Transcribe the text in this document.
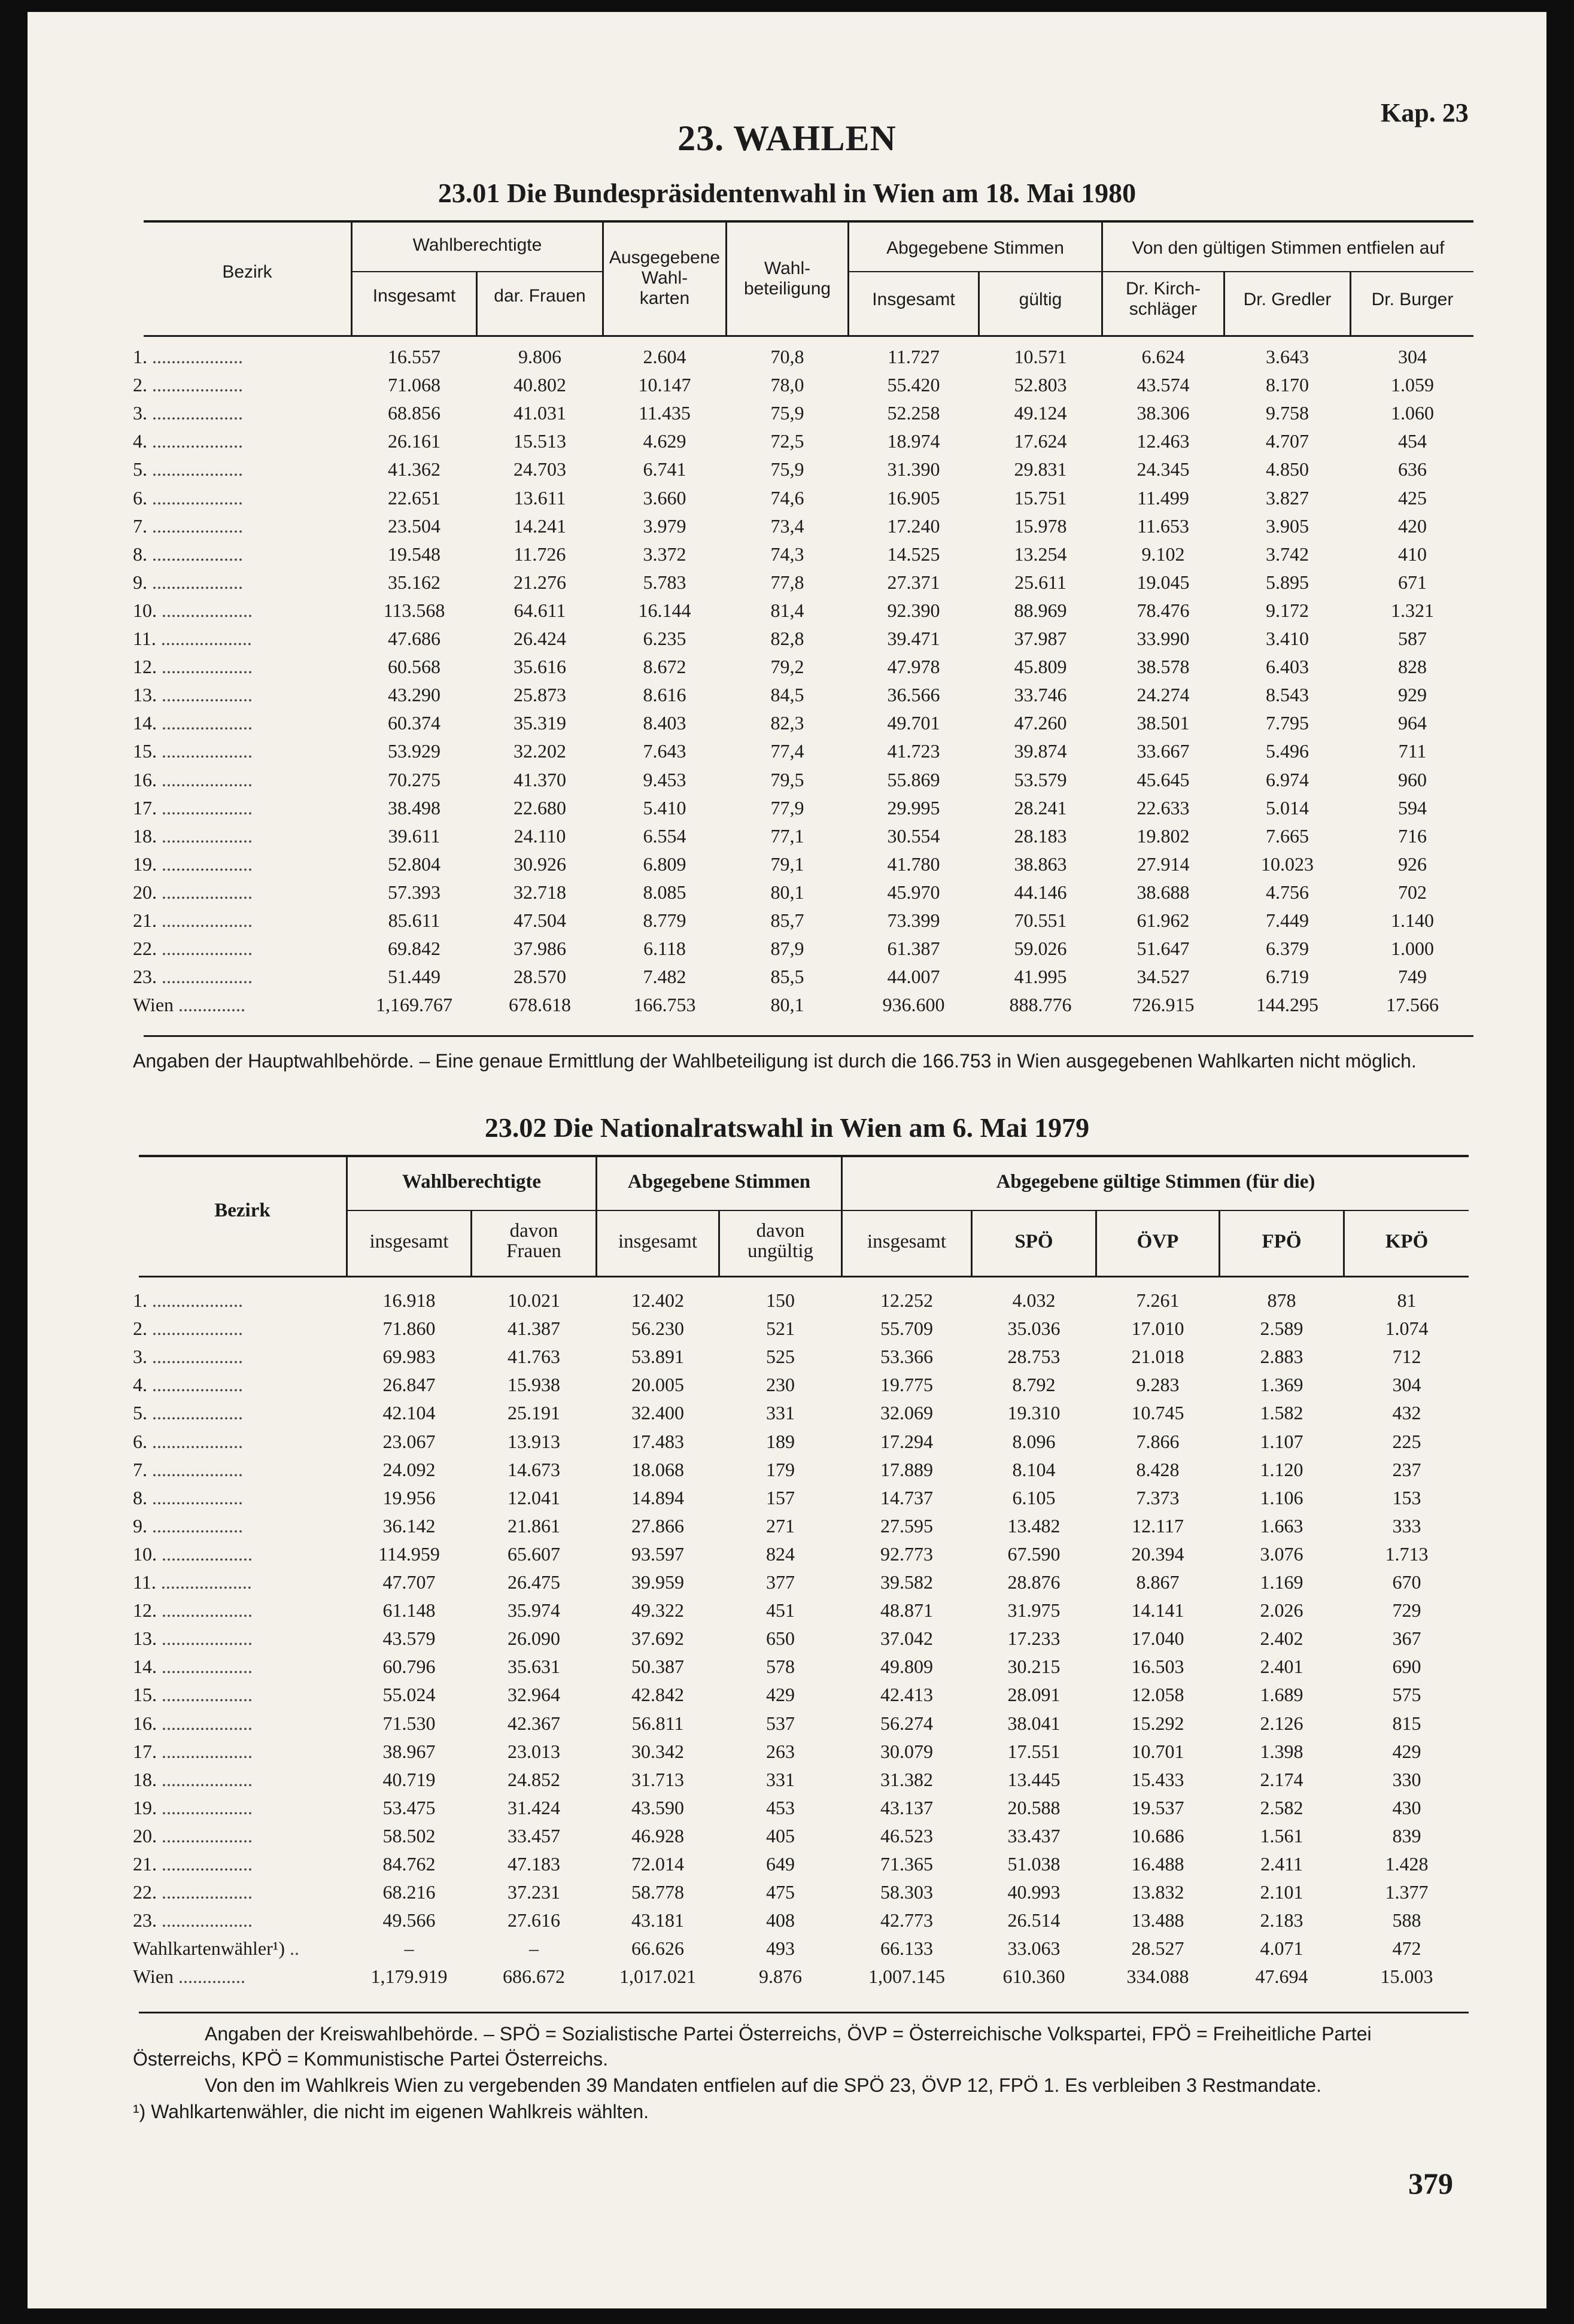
Kap. 23
23. WAHLEN
23.01 Die Bundespräsidentenwahl in Wien am 18. Mai 1980
Bezirk
Wahlberechtigte
Insgesamt	dar. Frauen
Ausgegebene
Wahl-
karten
Wahl-
beteiligung
Abgegebene Stimmen
Insgesamt	gültig
Von den gültigen Stimmen entfielen auf
Dr. Kirch-
schläger	Dr. Gredler	Dr. Burger
1. ...................	16.557	9.806	2.604	70,8	11.727	10.571	6.624	3.643	304
2. ...................	71.068	40.802	10.147	78,0	55.420	52.803	43.574	8.170	1.059
3. ...................	68.856	41.031	11.435	75,9	52.258	49.124	38.306	9.758	1.060
4. ...................	26.161	15.513	4.629	72,5	18.974	17.624	12.463	4.707	454
5. ...................	41.362	24.703	6.741	75,9	31.390	29.831	24.345	4.850	636
6. ...................	22.651	13.611	3.660	74,6	16.905	15.751	11.499	3.827	425
7. ...................	23.504	14.241	3.979	73,4	17.240	15.978	11.653	3.905	420
8. ...................	19.548	11.726	3.372	74,3	14.525	13.254	9.102	3.742	410
9. ...................	35.162	21.276	5.783	77,8	27.371	25.611	19.045	5.895	671
10. ...................	113.568	64.611	16.144	81,4	92.390	88.969	78.476	9.172	1.321
11. ...................	47.686	26.424	6.235	82,8	39.471	37.987	33.990	3.410	587
12. ...................	60.568	35.616	8.672	79,2	47.978	45.809	38.578	6.403	828
13. ...................	43.290	25.873	8.616	84,5	36.566	33.746	24.274	8.543	929
14. ...................	60.374	35.319	8.403	82,3	49.701	47.260	38.501	7.795	964
15. ...................	53.929	32.202	7.643	77,4	41.723	39.874	33.667	5.496	711
16. ...................	70.275	41.370	9.453	79,5	55.869	53.579	45.645	6.974	960
17. ...................	38.498	22.680	5.410	77,9	29.995	28.241	22.633	5.014	594
18. ...................	39.611	24.110	6.554	77,1	30.554	28.183	19.802	7.665	716
19. ...................	52.804	30.926	6.809	79,1	41.780	38.863	27.914	10.023	926
20. ...................	57.393	32.718	8.085	80,1	45.970	44.146	38.688	4.756	702
21. ...................	85.611	47.504	8.779	85,7	73.399	70.551	61.962	7.449	1.140
22. ...................	69.842	37.986	6.118	87,9	61.387	59.026	51.647	6.379	1.000
23. ...................	51.449	28.570	7.482	85,5	44.007	41.995	34.527	6.719	749
Wien ..............	1,169.767	678.618	166.753	80,1	936.600	888.776	726.915	144.295	17.566
Angaben der Hauptwahlbehörde. – Eine genaue Ermittlung der Wahlbeteiligung ist durch die 166.753 in Wien ausgegebenen Wahlkarten nicht möglich.
23.02 Die Nationalratswahl in Wien am 6. Mai 1979
Bezirk
Wahlberechtigte
insgesamt	davon
Frauen
Abgegebene Stimmen
insgesamt	davon
ungültig
Abgegebene gültige Stimmen (für die)
insgesamt	SPÖ	ÖVP	FPÖ	KPÖ
1. ...................	16.918	10.021	12.402	150	12.252	4.032	7.261	878	81
2. ...................	71.860	41.387	56.230	521	55.709	35.036	17.010	2.589	1.074
3. ...................	69.983	41.763	53.891	525	53.366	28.753	21.018	2.883	712
4. ...................	26.847	15.938	20.005	230	19.775	8.792	9.283	1.369	304
5. ...................	42.104	25.191	32.400	331	32.069	19.310	10.745	1.582	432
6. ...................	23.067	13.913	17.483	189	17.294	8.096	7.866	1.107	225
7. ...................	24.092	14.673	18.068	179	17.889	8.104	8.428	1.120	237
8. ...................	19.956	12.041	14.894	157	14.737	6.105	7.373	1.106	153
9. ...................	36.142	21.861	27.866	271	27.595	13.482	12.117	1.663	333
10. ...................	114.959	65.607	93.597	824	92.773	67.590	20.394	3.076	1.713
11. ...................	47.707	26.475	39.959	377	39.582	28.876	8.867	1.169	670
12. ...................	61.148	35.974	49.322	451	48.871	31.975	14.141	2.026	729
13. ...................	43.579	26.090	37.692	650	37.042	17.233	17.040	2.402	367
14. ...................	60.796	35.631	50.387	578	49.809	30.215	16.503	2.401	690
15. ...................	55.024	32.964	42.842	429	42.413	28.091	12.058	1.689	575
16. ...................	71.530	42.367	56.811	537	56.274	38.041	15.292	2.126	815
17. ...................	38.967	23.013	30.342	263	30.079	17.551	10.701	1.398	429
18. ...................	40.719	24.852	31.713	331	31.382	13.445	15.433	2.174	330
19. ...................	53.475	31.424	43.590	453	43.137	20.588	19.537	2.582	430
20. ...................	58.502	33.457	46.928	405	46.523	33.437	10.686	1.561	839
21. ...................	84.762	47.183	72.014	649	71.365	51.038	16.488	2.411	1.428
22. ...................	68.216	37.231	58.778	475	58.303	40.993	13.832	2.101	1.377
23. ...................	49.566	27.616	43.181	408	42.773	26.514	13.488	2.183	588
Wahlkartenwähler¹) ..	–	–	66.626	493	66.133	33.063	28.527	4.071	472
Wien ..............	1,179.919	686.672	1,017.021	9.876	1,007.145	610.360	334.088	47.694	15.003
Angaben der Kreiswahlbehörde. – SPÖ = Sozialistische Partei Österreichs, ÖVP = Österreichische Volkspartei, FPÖ = Freiheitliche Partei Österreichs, KPÖ = Kommunistische Partei Österreichs.
Von den im Wahlkreis Wien zu vergebenden 39 Mandaten entfielen auf die SPÖ 23, ÖVP 12, FPÖ 1. Es verbleiben 3 Restmandate.
¹) Wahlkartenwähler, die nicht im eigenen Wahlkreis wählten.
379
